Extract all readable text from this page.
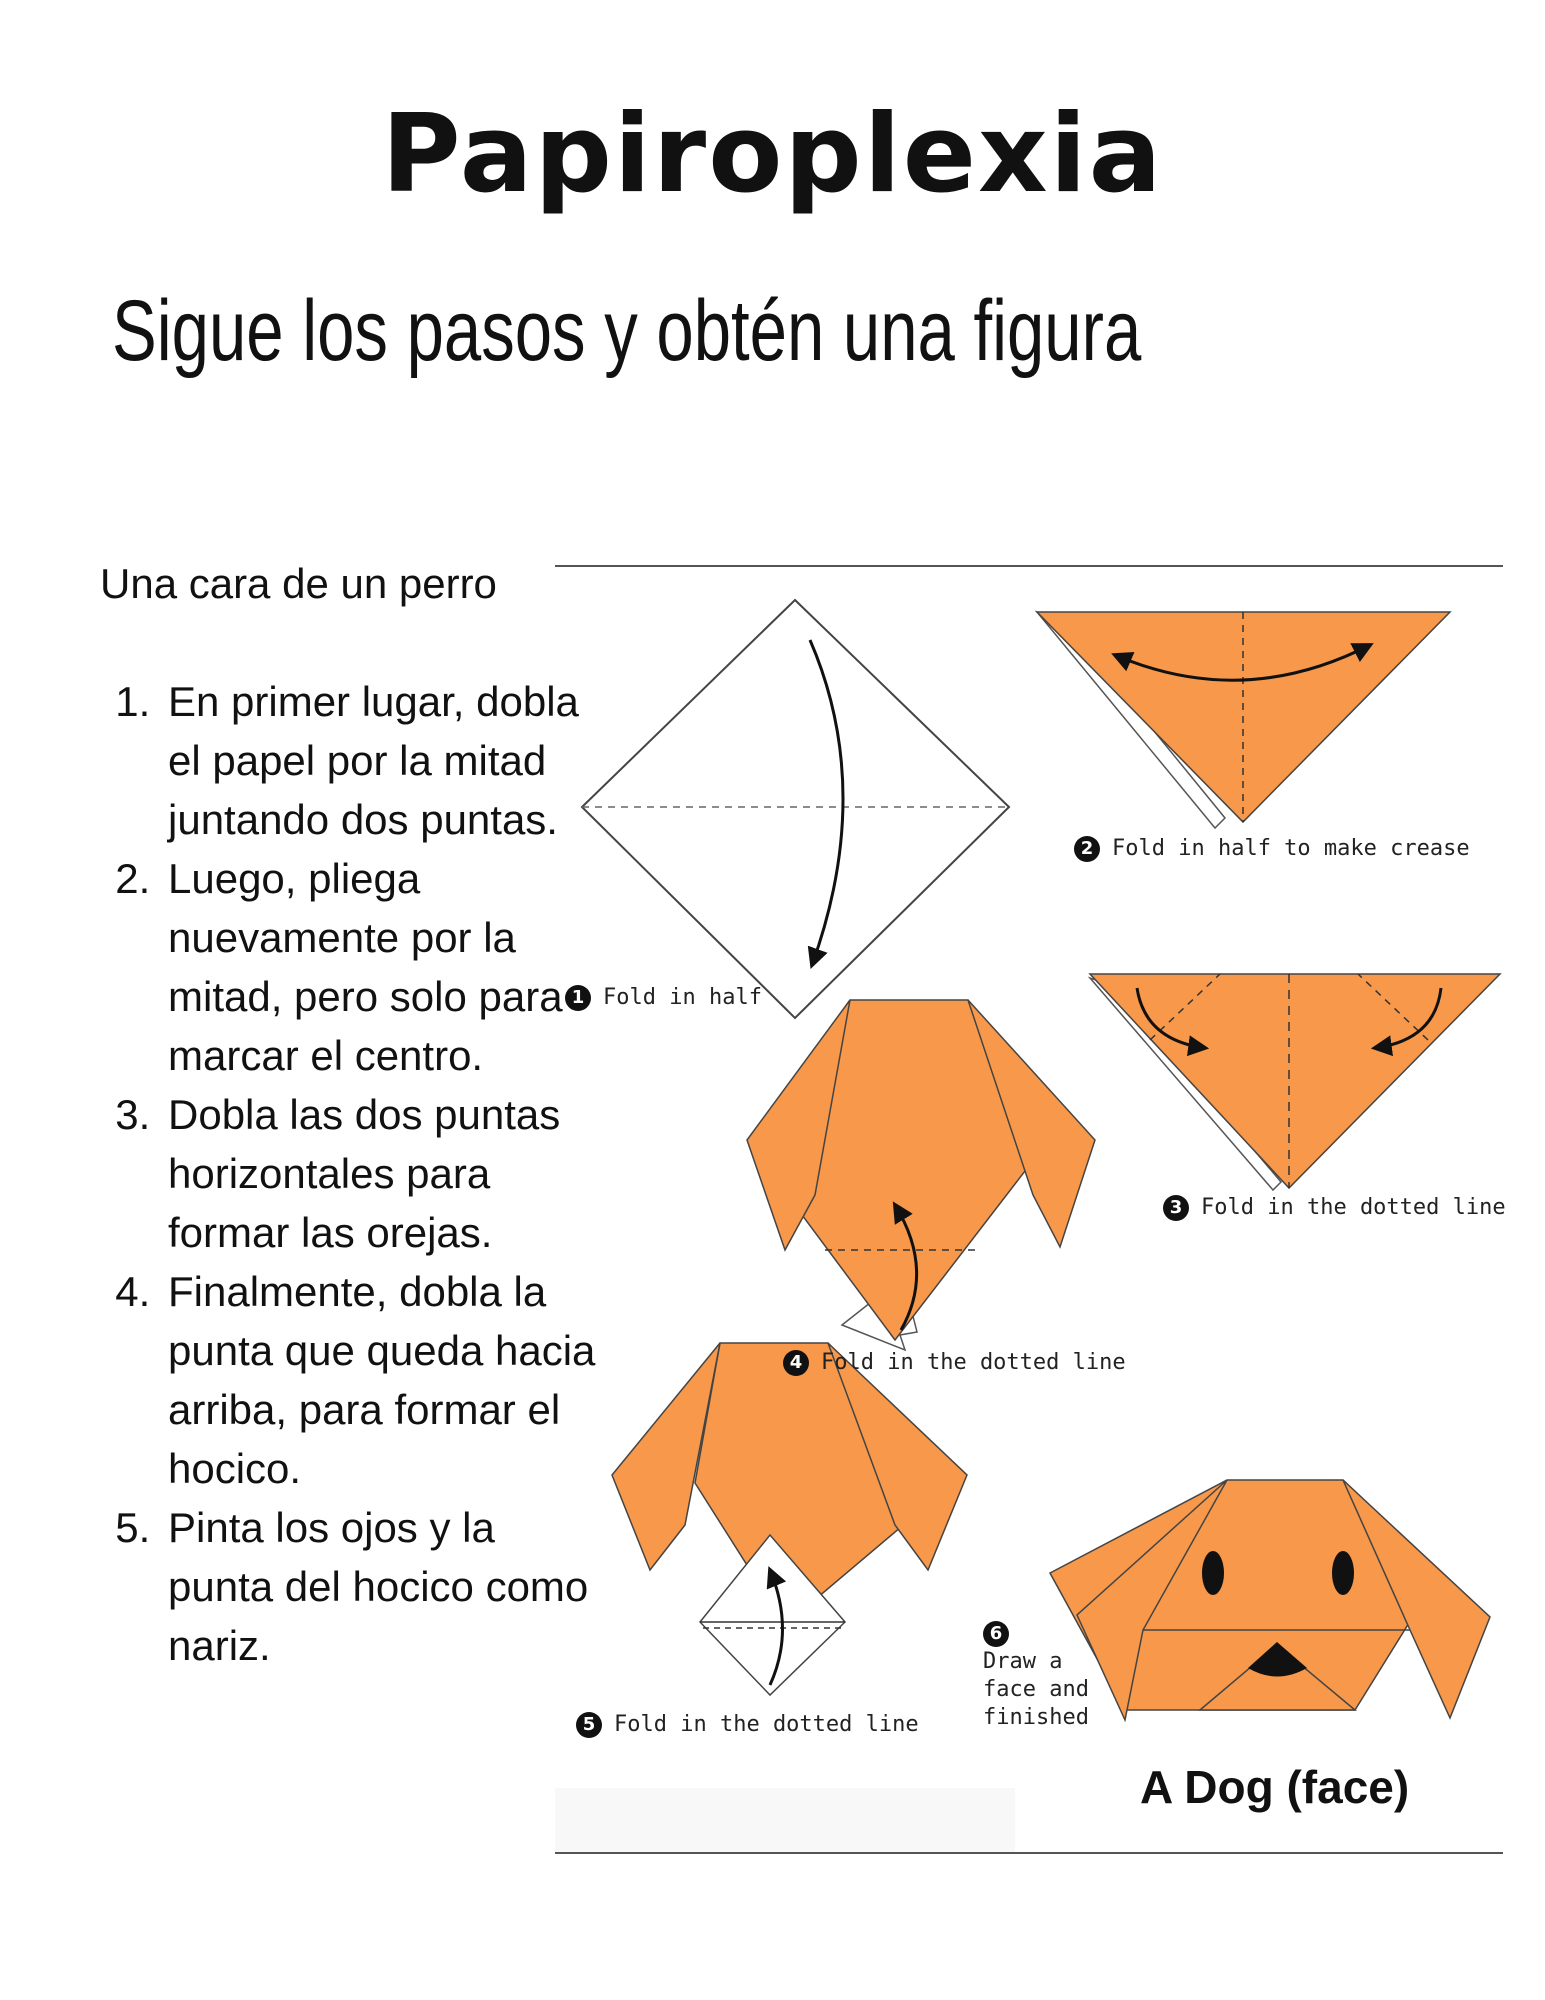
Papiroplexia
Sigue los pasos y obtén una figura
Una cara de un perro
1. En primer lugar, dobla el papel por la mitad juntando dos puntas.
2. Luego, pliega nuevamente por la mitad, pero solo para marcar el centro.
3. Dobla las dos puntas horizontales para formar las orejas.
4. Finalmente, dobla la punta que queda hacia arriba, para formar el hocico.
5. Pinta los ojos y la punta del hocico como nariz.
1 Fold in half
2 Fold in half to make crease
3 Fold in the dotted line
4 Fold in the dotted line
5 Fold in the dotted line
6
Draw a
face and
finished
A Dog (face)
